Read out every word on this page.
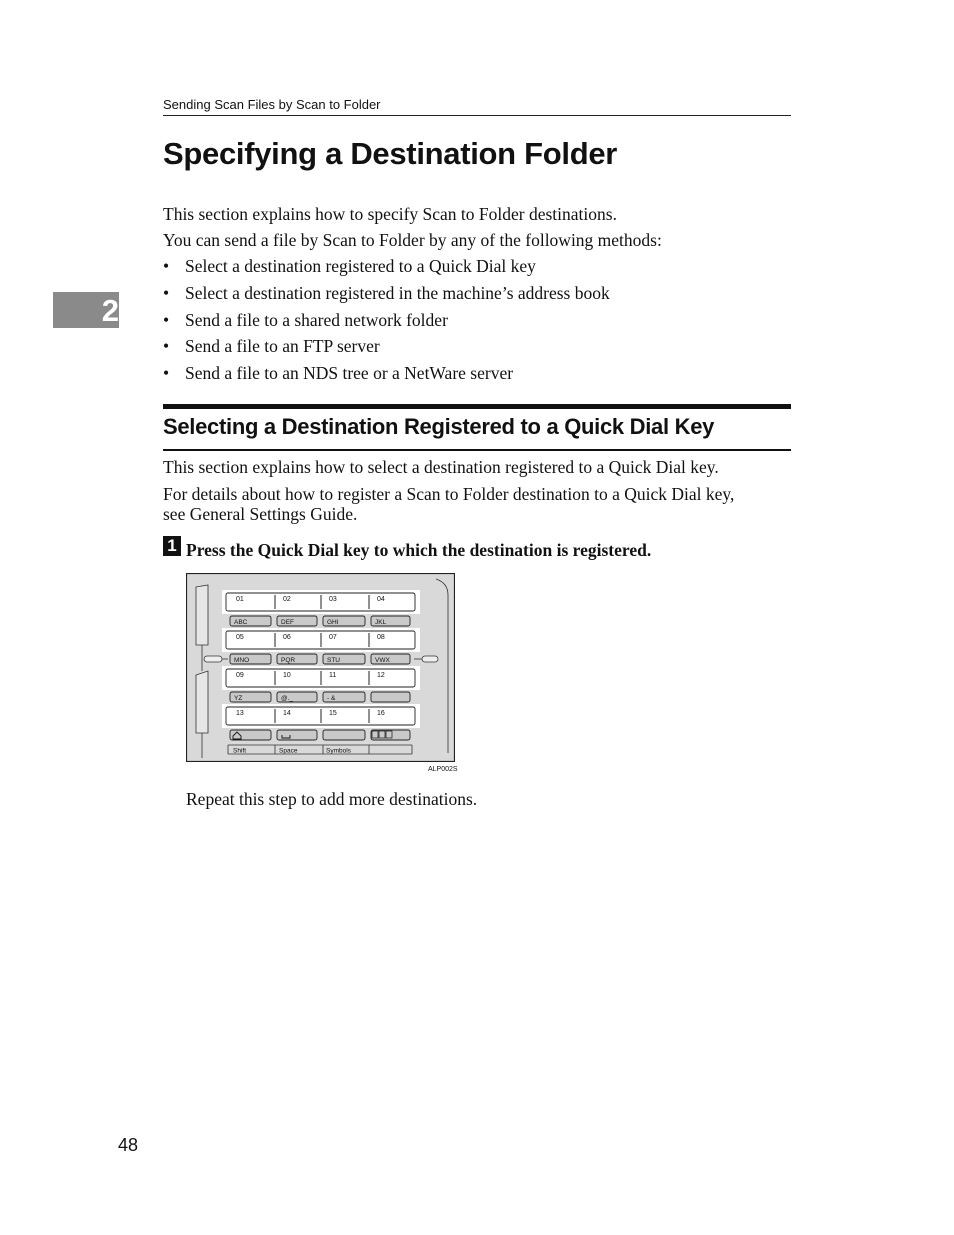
Sending Scan Files by Scan to Folder
2
Specifying a Destination Folder
This section explains how to specify Scan to Folder destinations.
You can send a file by Scan to Folder by any of the following methods:
• Select a destination registered to a Quick Dial key
• Select a destination registered in the machine’s address book
• Send a file to a shared network folder
• Send a file to an FTP server
• Send a file to an NDS tree or a NetWare server
Selecting a Destination Registered to a Quick Dial Key
This section explains how to select a destination registered to a Quick Dial key.
For details about how to register a Scan to Folder destination to a Quick Dial key,
see General Settings Guide.
1 Press the Quick Dial key to which the destination is registered.
01
ABC
02
DEF
03
GHI
04
JKL
05
MNO
06
PQR
07
STU
08
VWX
09
YZ
10
@._
11
- &
12
13	14	15	16
Shift	Space	Symbols
ALP002S
Repeat this step to add more destinations.
48
